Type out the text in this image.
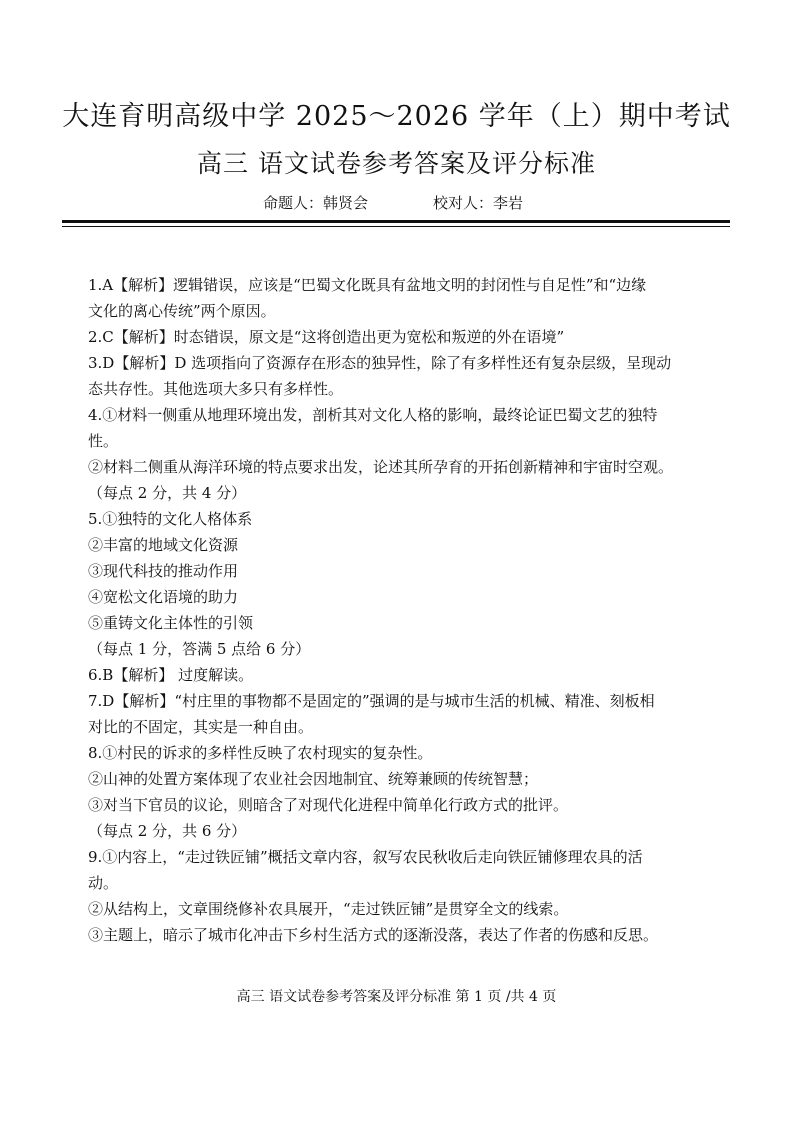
大连育明高级中学 2025～2026 学年（上）期中考试
高三 语文试卷参考答案及评分标准
命题人：韩贤会	校对人：李岩
1.A【解析】逻辑错误，应该是“巴蜀文化既具有盆地文明的封闭性与自足性”和“边缘
文化的离心传统”两个原因。
2.C【解析】时态错误，原文是“这将创造出更为宽松和叛逆的外在语境”
3.D【解析】D 选项指向了资源存在形态的独异性，除了有多样性还有复杂层级，呈现动
态共存性。其他选项大多只有多样性。
4.①材料一侧重从地理环境出发，剖析其对文化人格的影响，最终论证巴蜀文艺的独特
性。
②材料二侧重从海洋环境的特点要求出发，论述其所孕育的开拓创新精神和宇宙时空观。
（每点 2 分，共 4 分）
5.①独特的文化人格体系
②丰富的地域文化资源
③现代科技的推动作用
④宽松文化语境的助力
⑤重铸文化主体性的引领
（每点 1 分，答满 5 点给 6 分）
6.B【解析】 过度解读。
7.D【解析】“村庄里的事物都不是固定的”强调的是与城市生活的机械、精准、刻板相
对比的不固定，其实是一种自由。
8.①村民的诉求的多样性反映了农村现实的复杂性。
②山神的处置方案体现了农业社会因地制宜、统筹兼顾的传统智慧；
③对当下官员的议论，则暗含了对现代化进程中简单化行政方式的批评。
（每点 2 分，共 6 分）
9.①内容上，“走过铁匠铺”概括文章内容，叙写农民秋收后走向铁匠铺修理农具的活
动。
②从结构上，文章围绕修补农具展开，“走过铁匠铺”是贯穿全文的线索。
③主题上，暗示了城市化冲击下乡村生活方式的逐渐没落，表达了作者的伤感和反思。
高三 语文试卷参考答案及评分标准 第 1 页 /共 4 页
